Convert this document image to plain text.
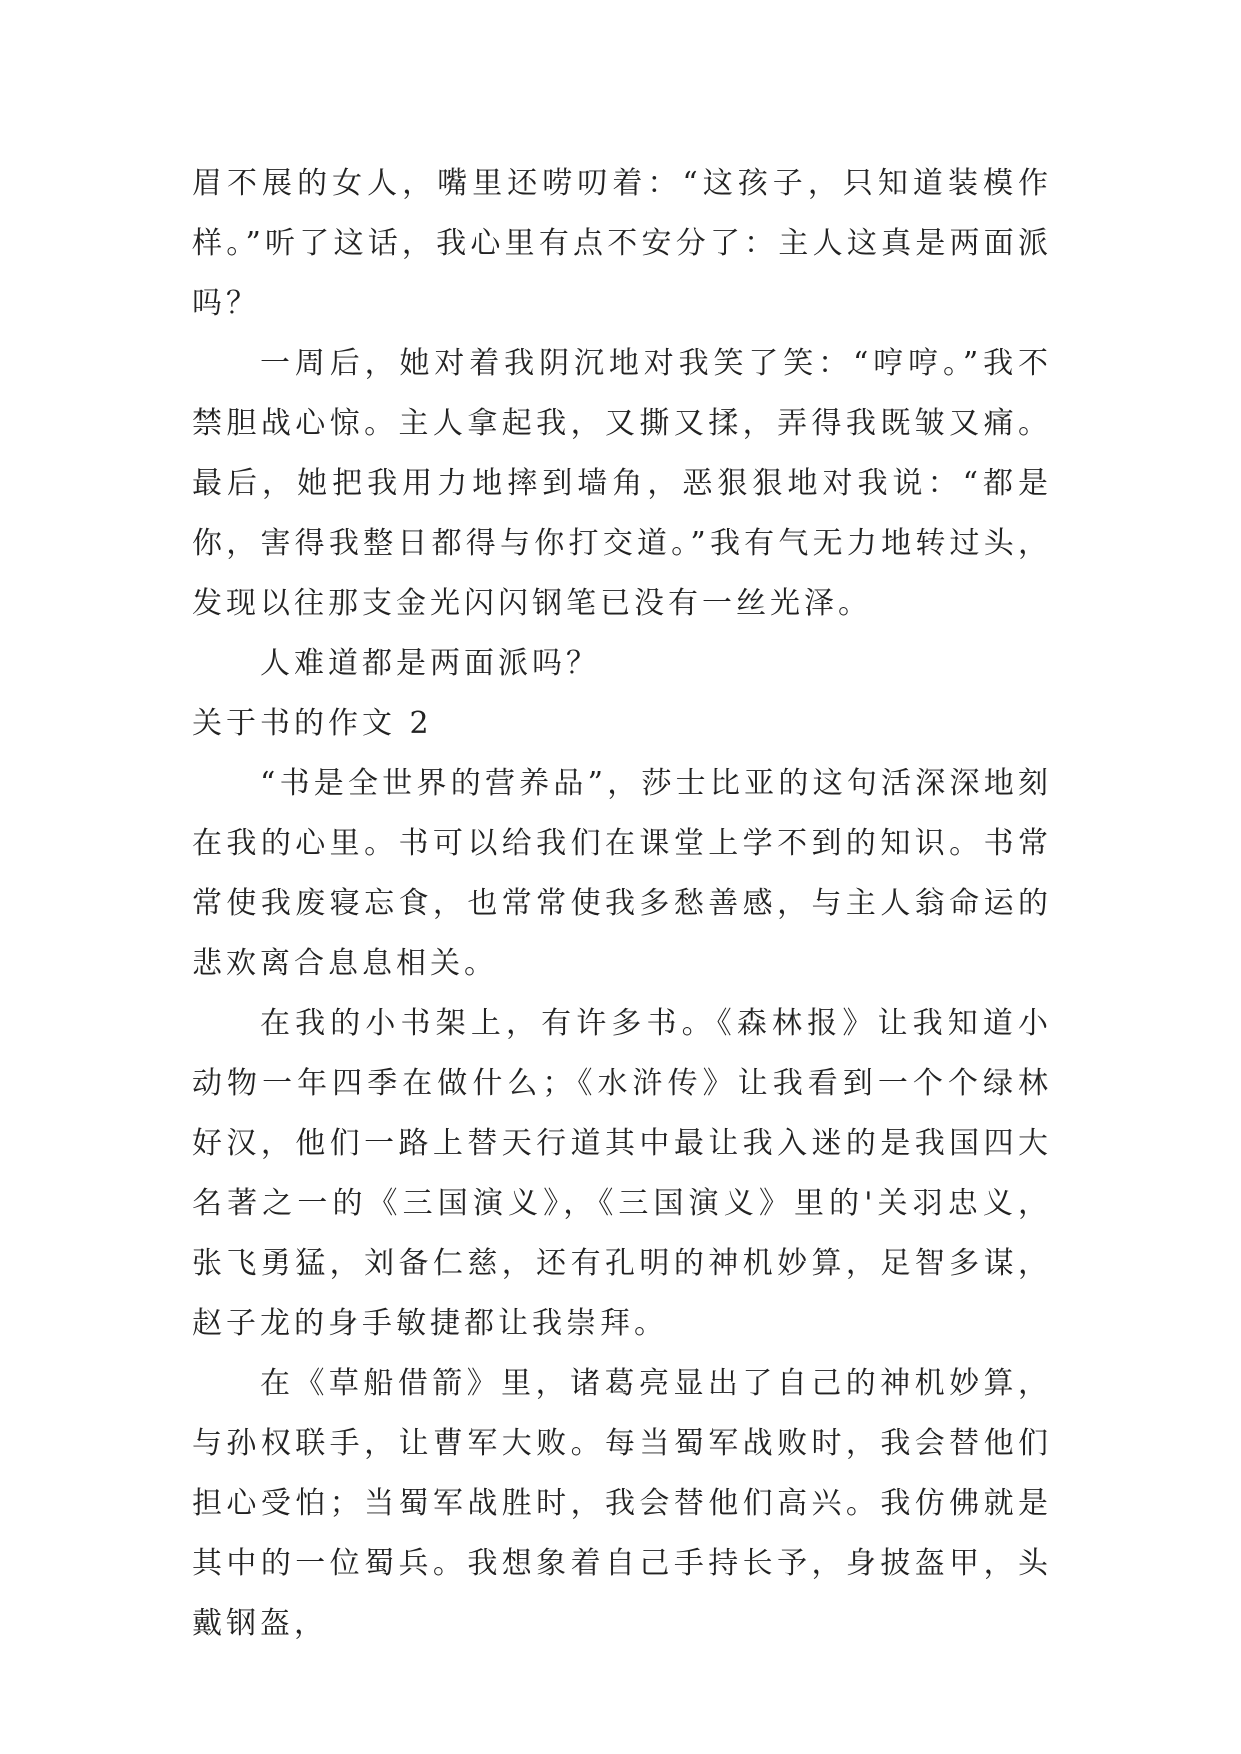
眉不展的女人，嘴里还唠叨着：“这孩子，只知道装模作样。”听了这话，我心里有点不安分了：主人这真是两面派吗？

一周后，她对着我阴沉地对我笑了笑：“哼哼。”我不禁胆战心惊。主人拿起我，又撕又揉，弄得我既皱又痛。最后，她把我用力地摔到墙角，恶狠狠地对我说：“都是你，害得我整日都得与你打交道。”我有气无力地转过头，发现以往那支金光闪闪钢笔已没有一丝光泽。

人难道都是两面派吗？

关于书的作文 2

“书是全世界的营养品”，莎士比亚的这句活深深地刻在我的心里。书可以给我们在课堂上学不到的知识。书常常使我废寝忘食，也常常使我多愁善感，与主人翁命运的悲欢离合息息相关。

在我的小书架上，有许多书。《森林报》让我知道小动物一年四季在做什么；《水浒传》让我看到一个个绿林好汉，他们一路上替天行道其中最让我入迷的是我国四大名著之一的《三国演义》，《三国演义》里的'关羽忠义，张飞勇猛，刘备仁慈，还有孔明的神机妙算，足智多谋，赵子龙的身手敏捷都让我崇拜。

在《草船借箭》里，诸葛亮显出了自己的神机妙算，与孙权联手，让曹军大败。每当蜀军战败时，我会替他们担心受怕；当蜀军战胜时，我会替他们高兴。我仿佛就是其中的一位蜀兵。我想象着自己手持长予，身披盔甲，头戴钢盔，
